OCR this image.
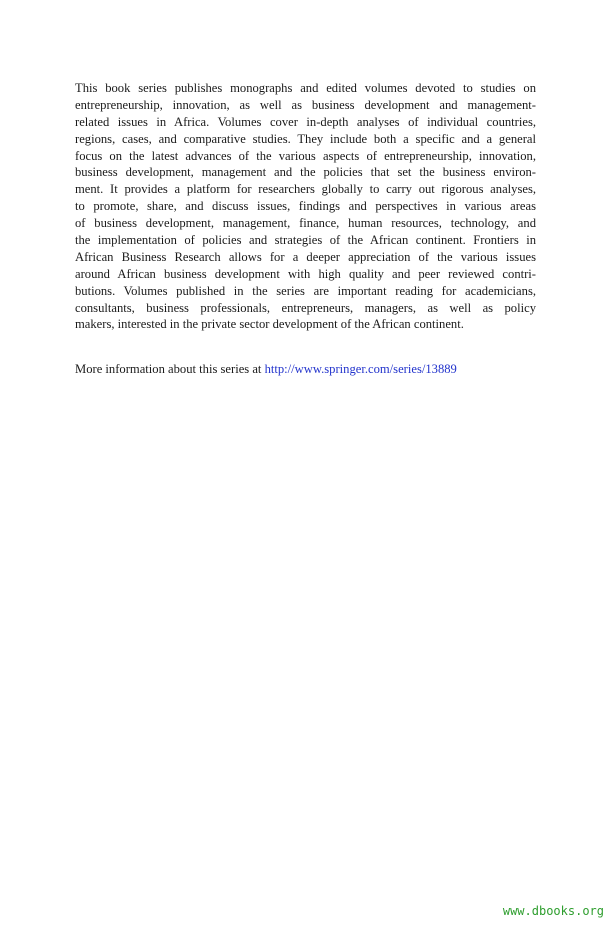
This book series publishes monographs and edited volumes devoted to studies on
entrepreneurship, innovation, as well as business development and management-
related issues in Africa. Volumes cover in-depth analyses of individual countries,
regions, cases, and comparative studies. They include both a specific and a general
focus on the latest advances of the various aspects of entrepreneurship, innovation,
business development, management and the policies that set the business environ-
ment. It provides a platform for researchers globally to carry out rigorous analyses,
to promote, share, and discuss issues, findings and perspectives in various areas
of business development, management, finance, human resources, technology, and
the implementation of policies and strategies of the African continent. Frontiers in
African Business Research allows for a deeper appreciation of the various issues
around African business development with high quality and peer reviewed contri-
butions. Volumes published in the series are important reading for academicians,
consultants, business professionals, entrepreneurs, managers, as well as policy
makers, interested in the private sector development of the African continent.
More information about this series at http://www.springer.com/series/13889
www.dbooks.org
